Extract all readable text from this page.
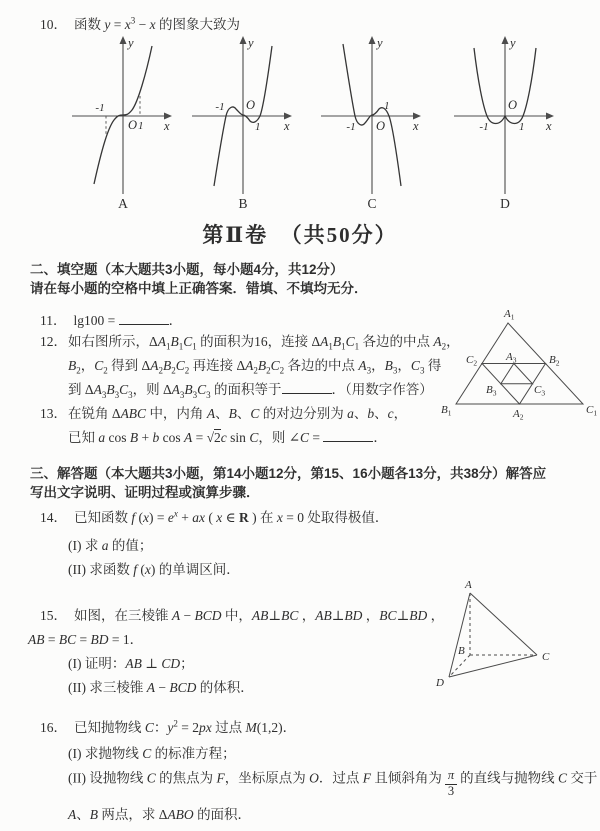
10． 函数 $y = x^3 - x$ 的图象大致为
-1
O 1 x
y
A
-1 O
1 x
y
B
-1 O
1
x
y
C
-1
O
1 x
y
D
第Ⅱ卷　（共50分）
二、填空题（本大题共3小题，每小题4分，共12分）
请在每小题的空格中填上正确答案．错填、不填均无分．
11． lg100 =	．
12． 如右图所示，$\Delta A_1B_1C_1$ 的面积为16，连接 $\Delta A_1B_1C_1$ 各边的中点 $A_2$，
$B_2$，$C_2$ 得到 $\Delta A_2B_2C_2$ 再连接 $\Delta A_2B_2C_2$ 各边的中点 $A_3$，$B_3$，$C_3$ 得
到 $\Delta A_3B_3C_3$，则 $\Delta A_3B_3C_3$ 的面积等于	．（用数字作答）
$A_1$
$B_1$	$C_1$
$C_2$	$B_2$
$A_2$
$A_3$
$B_3$	$C_3$
13． 在锐角 ΔABC 中，内角 A、B、C 的对边分别为 a、b、c，
已知 a cos B + b cos A = √2c sin C，则 ∠C =	．
三、解答题（本大题共3小题，第14小题12分，第15、16小题各13分，共38分）解答应
写出文字说明、证明过程或演算步骤．
14． 已知函数 f $(x) = e^x$ + ax ( x ∈ R ) 在 x = 0 处取得极值．
(I) 求 a 的值；
(II) 求函数 f (x) 的单调区间．
15． 如图，在三棱锥 A − BCD 中，AB⊥BC ，AB⊥BD ，BC⊥BD ，
AB = BC = BD = 1．
(I) 证明：AB ⊥ CD；
(II) 求三棱锥 A − BCD 的体积．
A
B	C
D
16． 已知抛物线 C：$y^2 = 2px$ 过点 M(1,2)．
(I) 求抛物线 C 的标准方程；
(II) 设抛物线 C 的焦点为 F，坐标原点为 O．过点 F 且倾斜角为 $\frac{\pi}{3}$ 的直线与抛物线 C 交于
A、B 两点，求 ΔABO 的面积．
